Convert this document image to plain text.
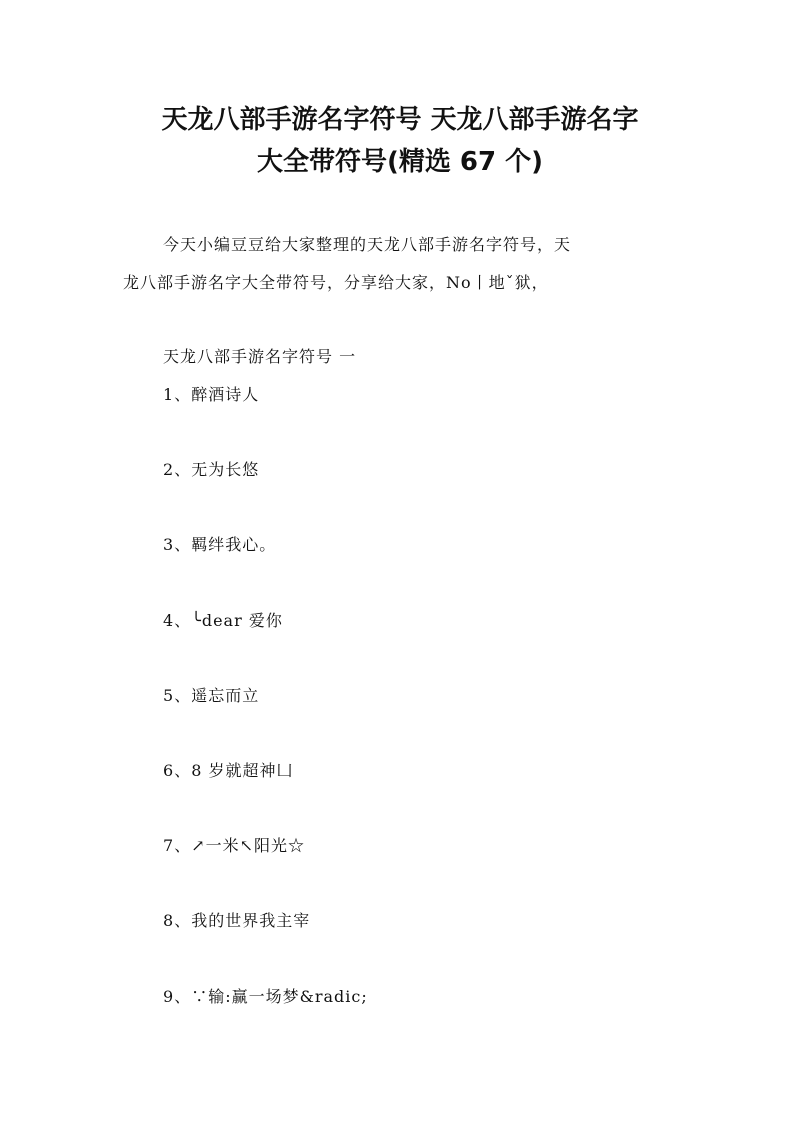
天龙八部手游名字符号 天龙八部手游名字
大全带符号(精选 67 个)

今天小编豆豆给大家整理的天龙八部手游名字符号，天

龙八部手游名字大全带符号，分享给大家，No丨地ˇ狱，

天龙八部手游名字符号 一

1、醉酒诗人
2、无为长悠
3、羁绊我心。
4、╰dear 爱你
5、遥忘而立
6、8 岁就超神凵
7、↗一米↖阳光☆
8、我的世界我主宰
9、∵输:赢一场梦&radic;
